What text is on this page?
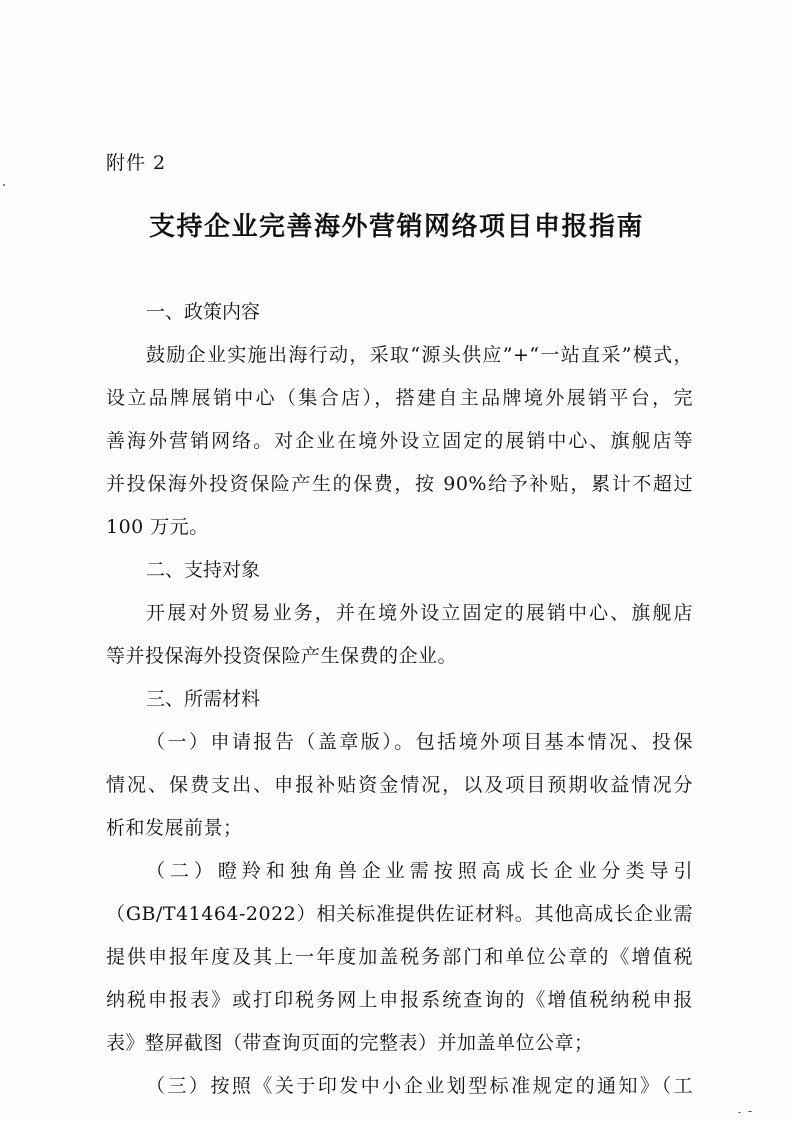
附件 2
支持企业完善海外营销网络项目申报指南
一、政策内容
鼓励企业实施出海行动，采取“源头供应”+“一站直采”模式，
设立品牌展销中心（集合店），搭建自主品牌境外展销平台，完
善海外营销网络。对企业在境外设立固定的展销中心、旗舰店等
并投保海外投资保险产生的保费，按 90%给予补贴，累计不超过
100 万元。
二、支持对象
开展对外贸易业务，并在境外设立固定的展销中心、旗舰店
等并投保海外投资保险产生保费的企业。
三、所需材料
（一）申请报告（盖章版）。包括境外项目基本情况、投保
情况、保费支出、申报补贴资金情况，以及项目预期收益情况分
析和发展前景；
（二）瞪羚和独角兽企业需按照高成长企业分类导引
（GB/T41464-2022）相关标准提供佐证材料。其他高成长企业需
提供申报年度及其上一年度加盖税务部门和单位公章的《增值税
纳税申报表》或打印税务网上申报系统查询的《增值税纳税申报
表》整屏截图（带查询页面的完整表）并加盖单位公章；
（三）按照《关于印发中小企业划型标准规定的通知》（工
